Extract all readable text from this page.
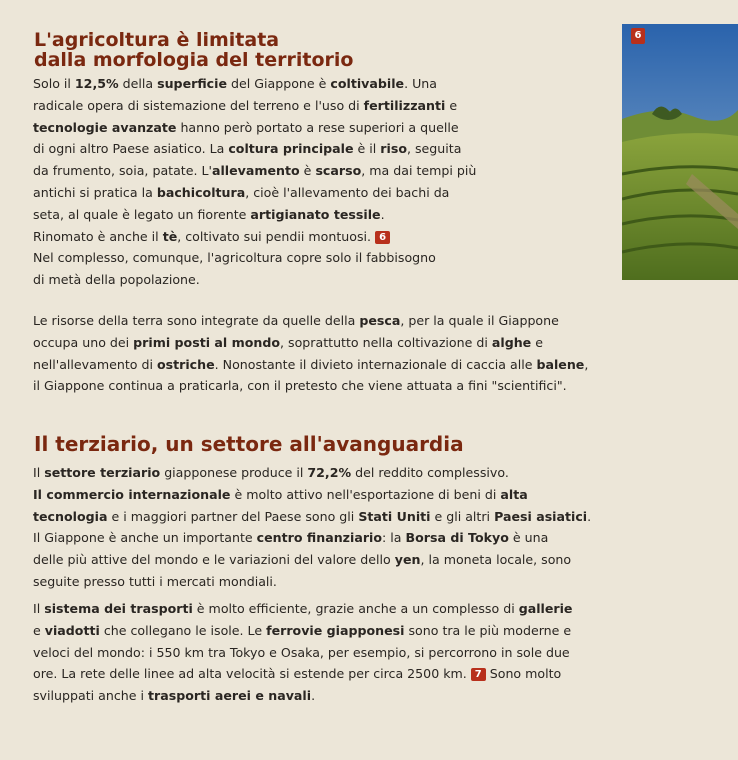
L'agricoltura è limitata
dalla morfologia del territorio
Solo il 12,5% della superficie del Giappone è coltivabile. Una
radicale opera di sistemazione del terreno e l'uso di fertilizzanti e
tecnologie avanzate hanno però portato a rese superiori a quelle
di ogni altro Paese asiatico. La coltura principale è il riso, seguita
da frumento, soia, patate. L'allevamento è scarso, ma dai tempi più
antichi si pratica la bachicoltura, cioè l'allevamento dei bachi da
seta, al quale è legato un fiorente artigianato tessile.
Rinomato è anche il tè, coltivato sui pendii montuosi. 6
Nel complesso, comunque, l'agricoltura copre solo il fabbisogno
di metà della popolazione.
Le risorse della terra sono integrate da quelle della pesca, per la quale il Giappone
occupa uno dei primi posti al mondo, soprattutto nella coltivazione di alghe e
nell'allevamento di ostriche. Nonostante il divieto internazionale di caccia alle balene,
il Giappone continua a praticarla, con il pretesto che viene attuata a fini "scientifici".
Il terziario, un settore all'avanguardia
Il settore terziario giapponese produce il 72,2% del reddito complessivo.
Il commercio internazionale è molto attivo nell'esportazione di beni di alta
tecnologia e i maggiori partner del Paese sono gli Stati Uniti e gli altri Paesi asiatici.
Il Giappone è anche un importante centro finanziario: la Borsa di Tokyo è una
delle più attive del mondo e le variazioni del valore dello yen, la moneta locale, sono
seguite presso tutti i mercati mondiali.
Il sistema dei trasporti è molto efficiente, grazie anche a un complesso di gallerie
e viadotti che collegano le isole. Le ferrovie giapponesi sono tra le più moderne e
veloci del mondo: i 550 km tra Tokyo e Osaka, per esempio, si percorrono in sole due
ore. La rete delle linee ad alta velocità si estende per circa 2500 km. 7 Sono molto
sviluppati anche i trasporti aerei e navali.
6
